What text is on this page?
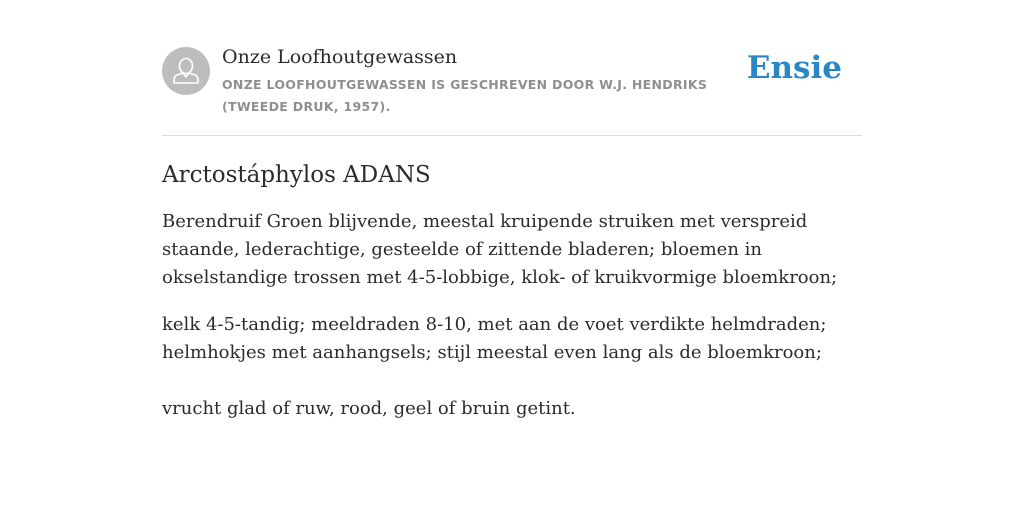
Onze Loofhoutgewassen
ONZE LOOFHOUTGEWASSEN IS GESCHREVEN DOOR W.J. HENDRIKS (TWEEDE DRUK, 1957).
Ensie
Arctostáphylos ADANS

Berendruif Groen blijvende, meestal kruipende struiken met verspreid staande, lederachtige, gesteelde of zittende bladeren; bloemen in okselstandige trossen met 4-5-lobbige, klok- of kruikvormige bloemkroon;

kelk 4-5-tandig; meeldraden 8-10, met aan de voet verdikte helmdraden; helmhokjes met aanhangsels; stijl meestal even lang als de bloemkroon;

vrucht glad of ruw, rood, geel of bruin getint.
